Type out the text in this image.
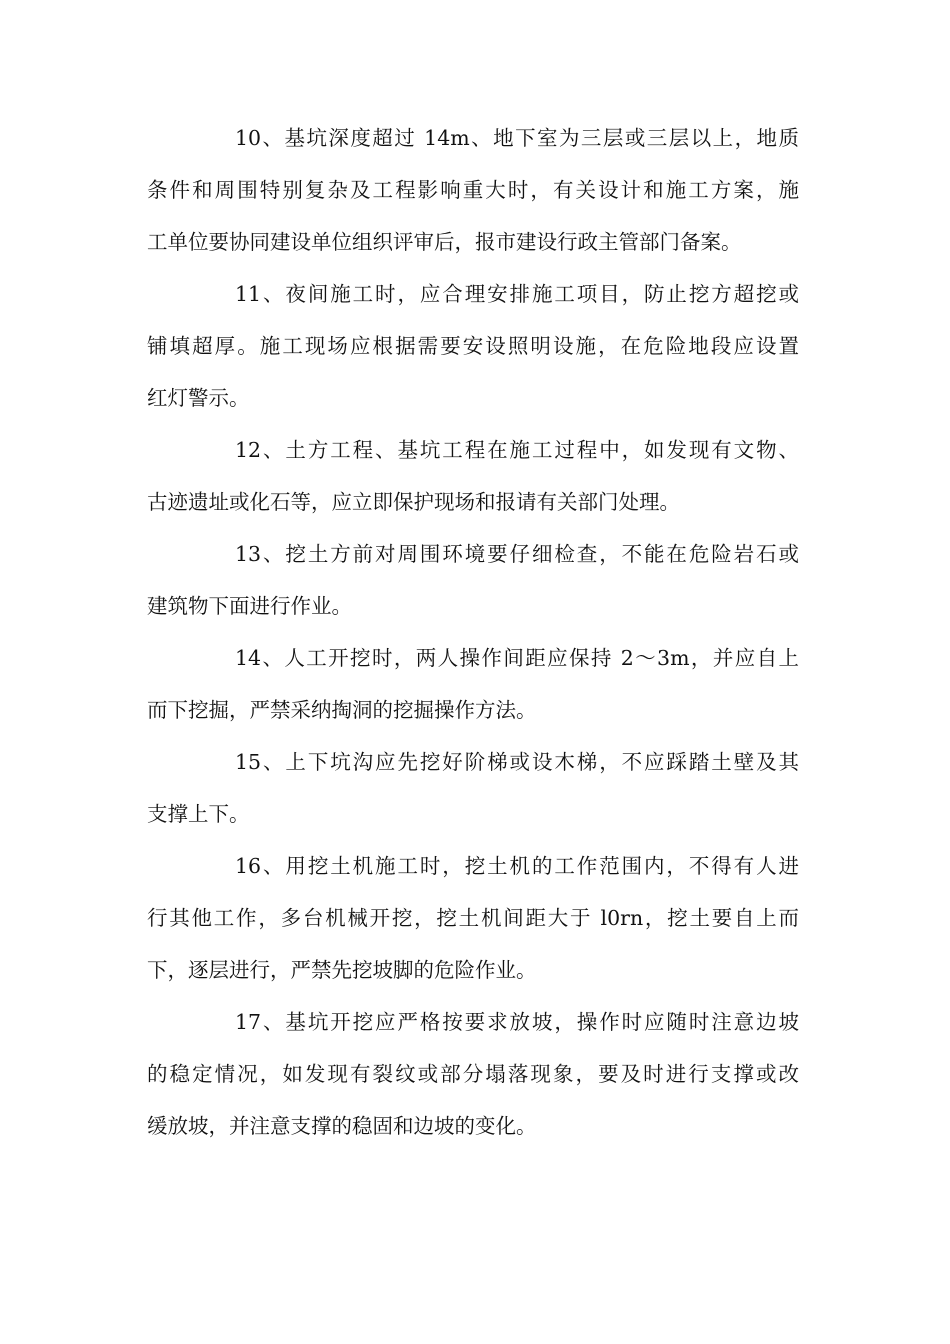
10、基坑深度超过 14m、地下室为三层或三层以上，地质
条件和周围特别复杂及工程影响重大时，有关设计和施工方案，施
工单位要协同建设单位组织评审后，报市建设行政主管部门备案。
11、夜间施工时，应合理安排施工项目，防止挖方超挖或
铺填超厚。施工现场应根据需要安设照明设施，在危险地段应设置
红灯警示。
12、土方工程、基坑工程在施工过程中，如发现有文物、
古迹遗址或化石等，应立即保护现场和报请有关部门处理。
13、挖土方前对周围环境要仔细检查，不能在危险岩石或
建筑物下面进行作业。
14、人工开挖时，两人操作间距应保持 2～3m，并应自上
而下挖掘，严禁采纳掏洞的挖掘操作方法。
15、上下坑沟应先挖好阶梯或设木梯，不应踩踏土壁及其
支撑上下。
16、用挖土机施工时，挖土机的工作范围内，不得有人进
行其他工作，多台机械开挖，挖土机间距大于 l0rn，挖土要自上而
下，逐层进行，严禁先挖坡脚的危险作业。
17、基坑开挖应严格按要求放坡，操作时应随时注意边坡
的稳定情况，如发现有裂纹或部分塌落现象，要及时进行支撑或改
缓放坡，并注意支撑的稳固和边坡的变化。
